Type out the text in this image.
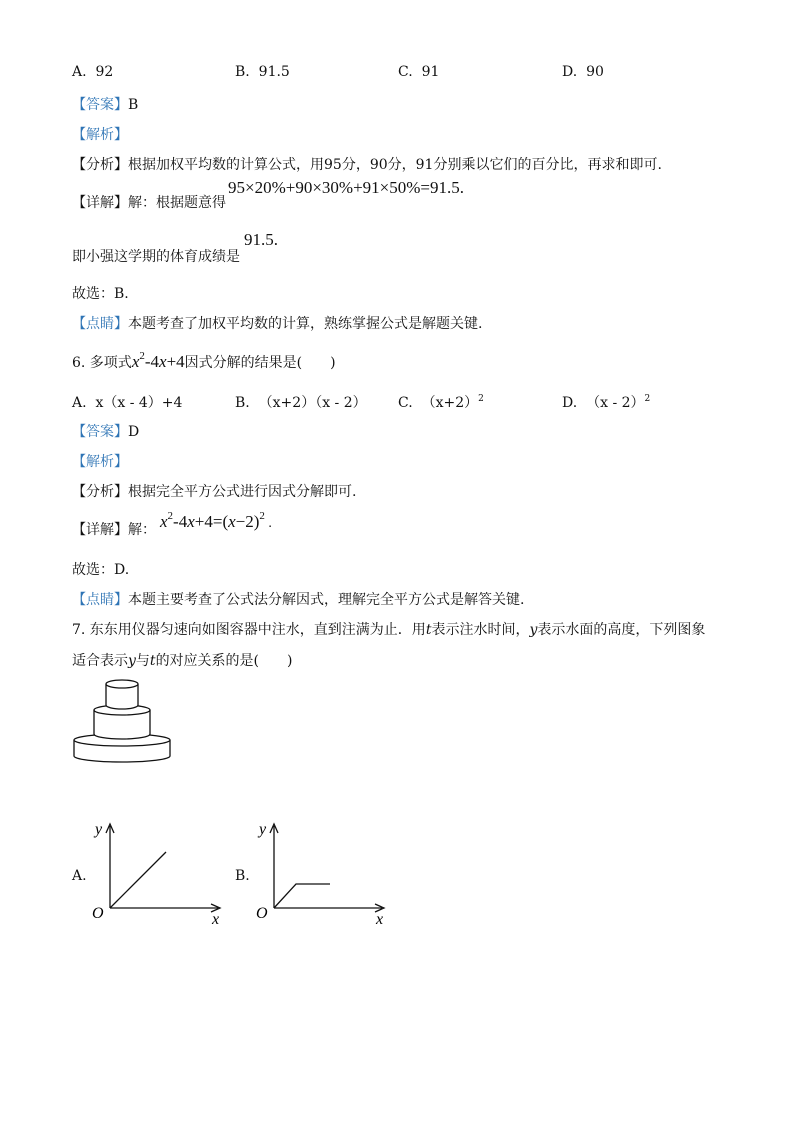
A. 92	B. 91.5	C. 91	D. 90
【答案】B
【解析】
【分析】根据加权平均数的计算公式，用95分，90分，91分别乘以它们的百分比，再求和即可.
【详解】解：根据题意得
95×20%+90×30%+91×50%=91.5.
即小强这学期的体育成绩是
91.5.
故选：B.
【点睛】本题考查了加权平均数的计算，熟练掌握公式是解题关键.
6. 多项式$x^2-4x+4$因式分解的结果是(　　)
A. x（x - 4）+4	B. （x+2）（x - 2） C. $(x+2)^2$	D. （x - 2）$^2$
【答案】D
【解析】
【分析】根据完全平方公式进行因式分解即可.
【详解】解： $x^2-4x+4=(x-2)^2$ .
故选：D.
【点睛】本题主要考查了公式法分解因式，理解完全平方公式是解答关键.
7. 东东用仪器匀速向如图容器中注水，直到注满为止．用t表示注水时间，y表示水面的高度，下列图象
适合表示y与t的对应关系的是(　　)
A.
y
x
O
B.
y
x
O
